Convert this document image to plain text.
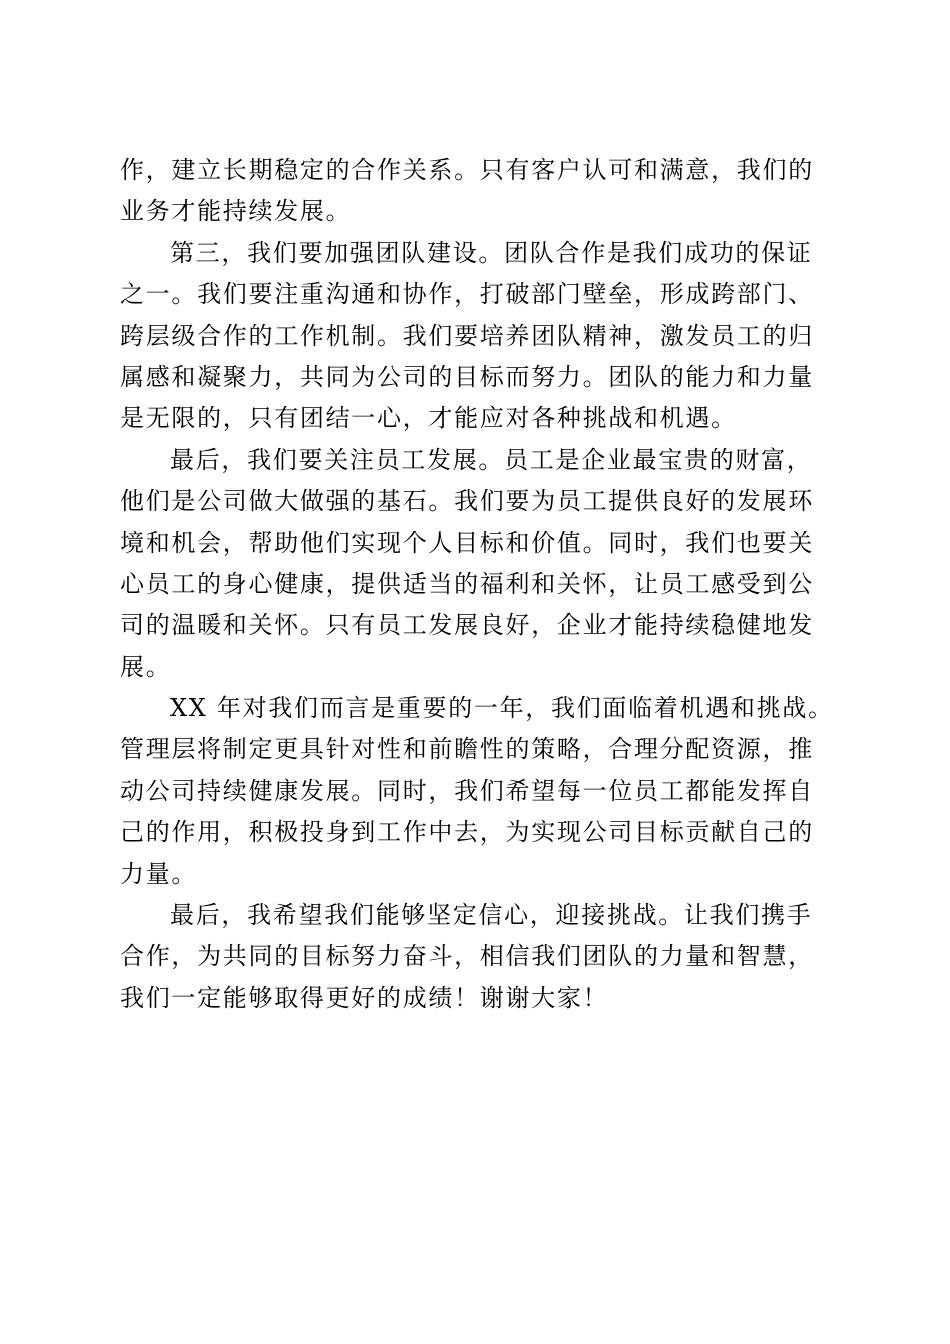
作，建立长期稳定的合作关系。只有客户认可和满意，我们的
业务才能持续发展。
第三，我们要加强团队建设。团队合作是我们成功的保证
之一。我们要注重沟通和协作，打破部门壁垒，形成跨部门、
跨层级合作的工作机制。我们要培养团队精神，激发员工的归
属感和凝聚力，共同为公司的目标而努力。团队的能力和力量
是无限的，只有团结一心，才能应对各种挑战和机遇。
最后，我们要关注员工发展。员工是企业最宝贵的财富，
他们是公司做大做强的基石。我们要为员工提供良好的发展环
境和机会，帮助他们实现个人目标和价值。同时，我们也要关
心员工的身心健康，提供适当的福利和关怀，让员工感受到公
司的温暖和关怀。只有员工发展良好，企业才能持续稳健地发
展。
XX 年对我们而言是重要的一年，我们面临着机遇和挑战。
管理层将制定更具针对性和前瞻性的策略，合理分配资源，推
动公司持续健康发展。同时，我们希望每一位员工都能发挥自
己的作用，积极投身到工作中去，为实现公司目标贡献自己的
力量。
最后，我希望我们能够坚定信心，迎接挑战。让我们携手
合作，为共同的目标努力奋斗，相信我们团队的力量和智慧，
我们一定能够取得更好的成绩！谢谢大家！
